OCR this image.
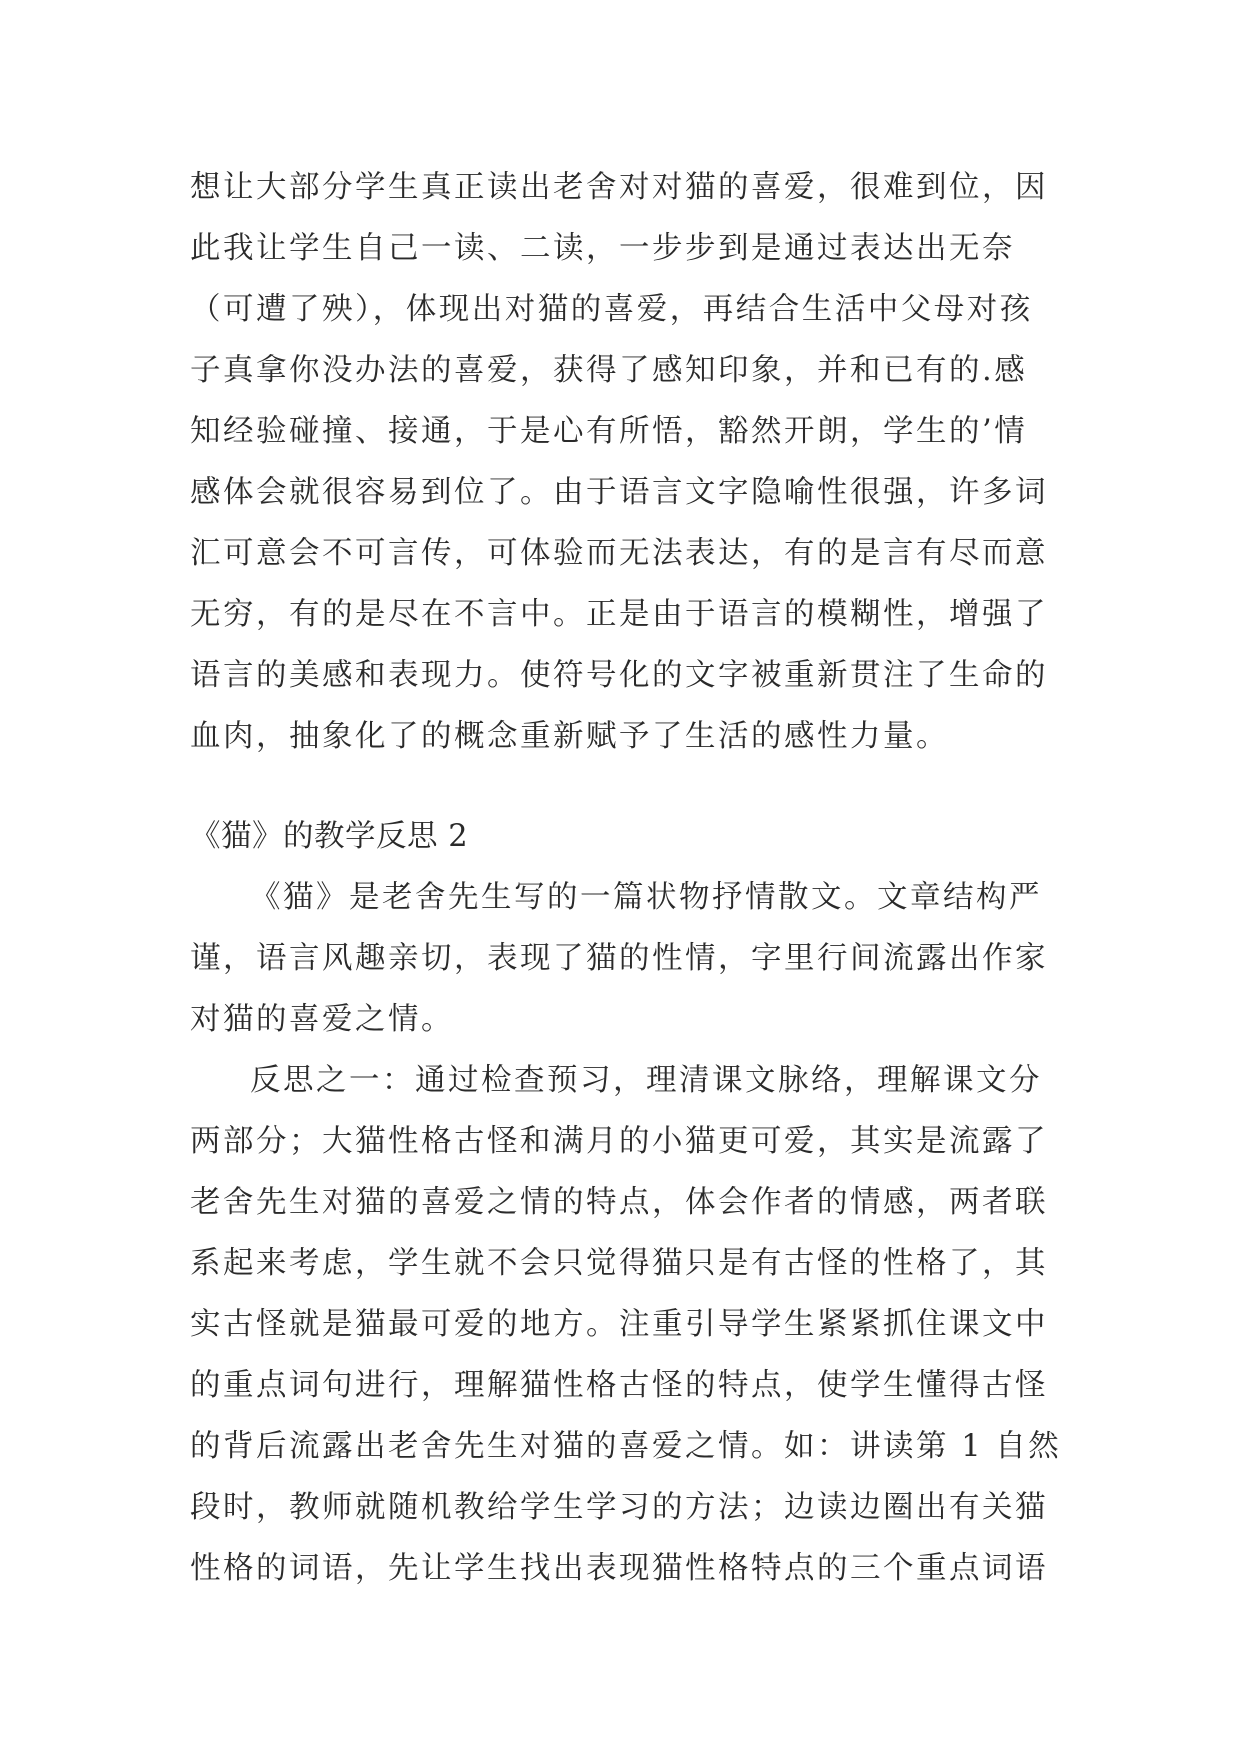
想让大部分学生真正读出老舍对对猫的喜爱，很难到位，因
此我让学生自己一读、二读，一步步到是通过表达出无奈
（可遭了殃），体现出对猫的喜爱，再结合生活中父母对孩
子真拿你没办法的喜爱，获得了感知印象，并和已有的.感
知经验碰撞、接通，于是心有所悟，豁然开朗，学生的’情
感体会就很容易到位了。由于语言文字隐喻性很强，许多词
汇可意会不可言传，可体验而无法表达，有的是言有尽而意
无穷，有的是尽在不言中。正是由于语言的模糊性，增强了
语言的美感和表现力。使符号化的文字被重新贯注了生命的
血肉，抽象化了的概念重新赋予了生活的感性力量。
《猫》的教学反思 2
《猫》是老舍先生写的一篇状物抒情散文。文章结构严
谨，语言风趣亲切，表现了猫的性情，字里行间流露出作家
对猫的喜爱之情。
反思之一：通过检查预习，理清课文脉络，理解课文分
两部分；大猫性格古怪和满月的小猫更可爱，其实是流露了
老舍先生对猫的喜爱之情的特点，体会作者的情感，两者联
系起来考虑，学生就不会只觉得猫只是有古怪的性格了，其
实古怪就是猫最可爱的地方。注重引导学生紧紧抓住课文中
的重点词句进行，理解猫性格古怪的特点，使学生懂得古怪
的背后流露出老舍先生对猫的喜爱之情。如：讲读第 1 自然
段时，教师就随机教给学生学习的方法；边读边圈出有关猫
性格的词语，先让学生找出表现猫性格特点的三个重点词语
